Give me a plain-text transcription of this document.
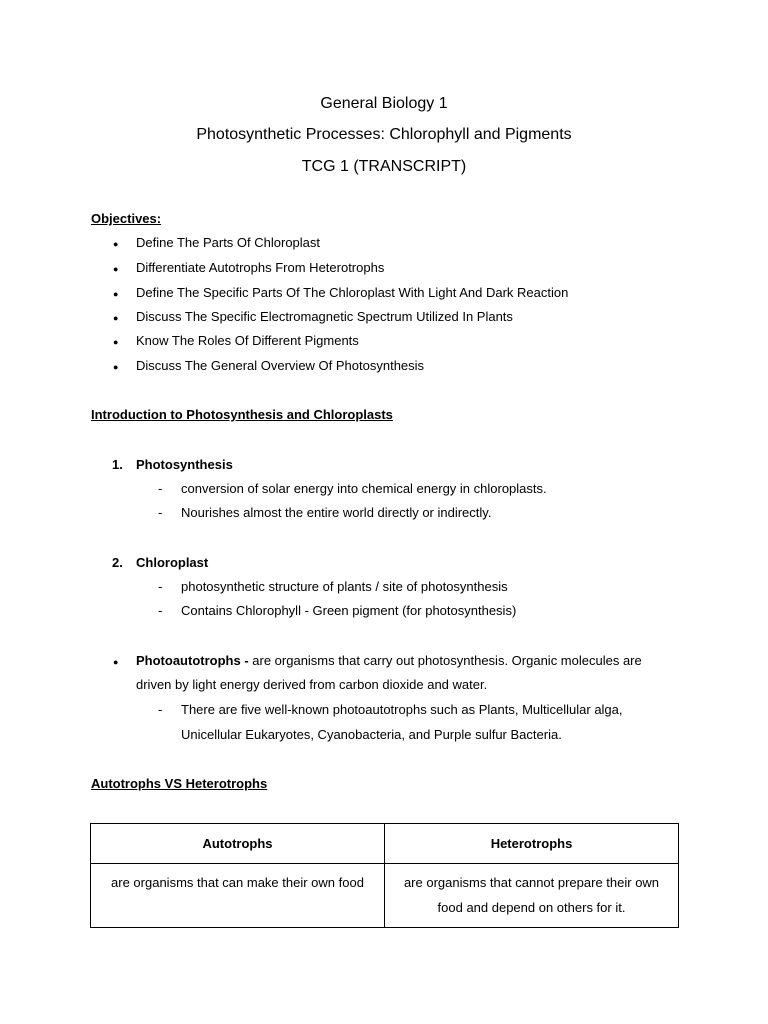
General Biology 1
Photosynthetic Processes: Chlorophyll and Pigments
TCG 1 (TRANSCRIPT)
Objectives:
● Define The Parts Of Chloroplast
● Differentiate Autotrophs From Heterotrophs
● Define The Specific Parts Of The Chloroplast With Light And Dark Reaction
● Discuss The Specific Electromagnetic Spectrum Utilized In Plants
● Know The Roles Of Different Pigments
● Discuss The General Overview Of Photosynthesis
Introduction to Photosynthesis and Chloroplasts
1. Photosynthesis
- conversion of solar energy into chemical energy in chloroplasts.
- Nourishes almost the entire world directly or indirectly.
2. Chloroplast
- photosynthetic structure of plants / site of photosynthesis
- Contains Chlorophyll - Green pigment (for photosynthesis)
● Photoautotrophs - are organisms that carry out photosynthesis. Organic molecules are
driven by light energy derived from carbon dioxide and water.
- There are five well-known photoautotrophs such as Plants, Multicellular alga,
Unicellular Eukaryotes, Cyanobacteria, and Purple sulfur Bacteria.
Autotrophs VS Heterotrophs
Autotrophs	Heterotrophs
are organisms that can make their own food	are organisms that cannot prepare their own food and depend on others for it.
